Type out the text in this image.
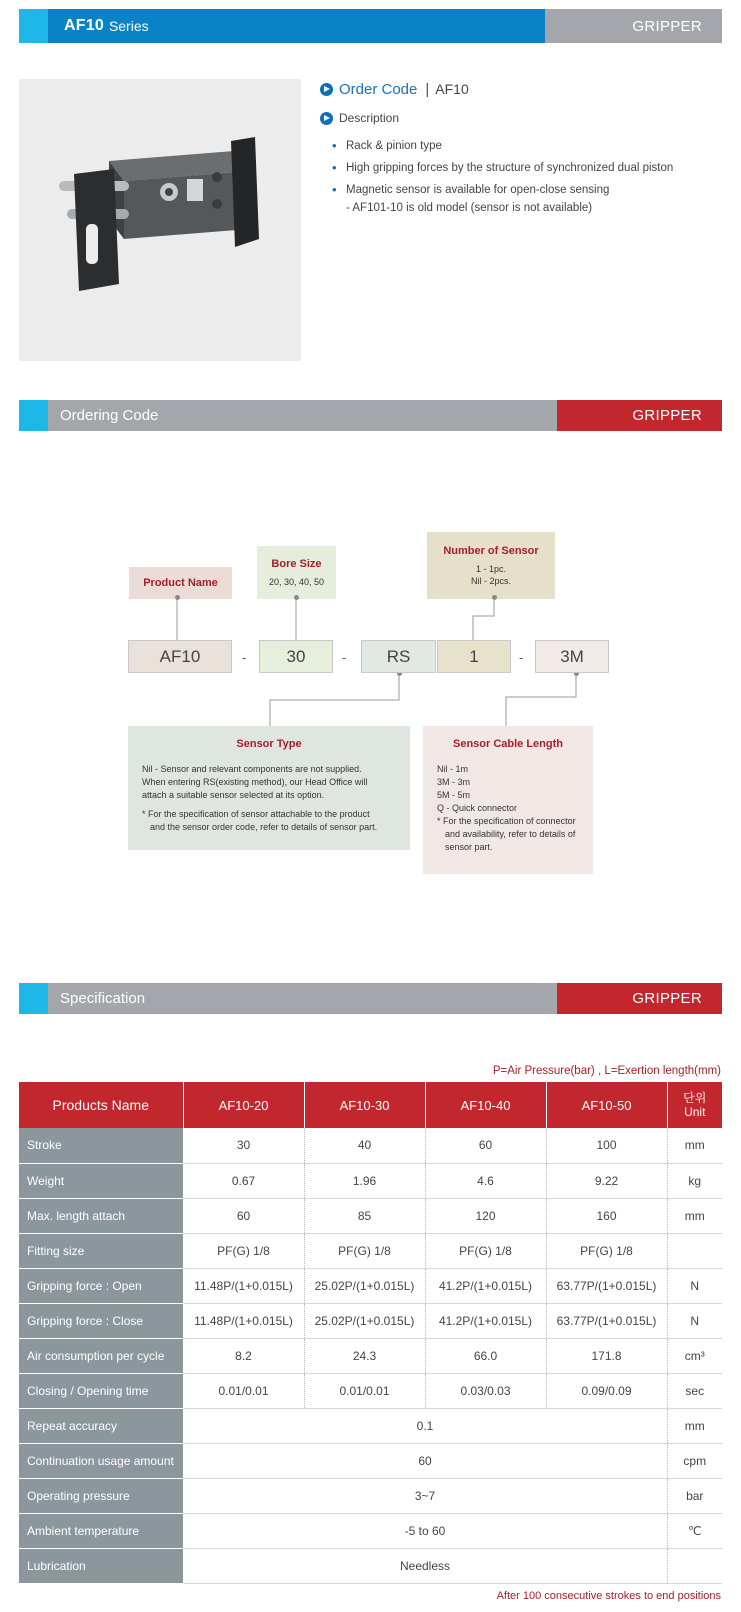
AF10 Series	GRIPPER
Order Code | AF10
Description
• Rack & pinion type
• High gripping forces by the structure of synchronized dual piston
• Magnetic sensor is available for open-close sensing
- AF101-10 is old model (sensor is not available)
Ordering Code	GRIPPER
Product Name
Bore Size
20, 30, 40, 50
Number of Sensor
1 - 1pc.
Nil - 2pcs.
AF10	-	30	-	RS	1	-	3M
Sensor Type

Nil - Sensor and relevant components are not supplied.

When entering RS(existing method), our Head Office will

attach a suitable sensor selected at its option.

* For the specification of sensor attachable to the product

and the sensor order code, refer to details of sensor part.

Sensor Cable Length

Nil - 1m

3M - 3m

5M - 5m

Q - Quick connector

* For the specification of connector

and availability, refer to details of

sensor part.

Specification	GRIPPER
P=Air Pressure(bar) , L=Exertion length(mm)
Products Name	AF10-20	AF10-30	AF10-40	AF10-50	단위
Unit
Stroke	30	40	60	100	mm
Weight	0.67	1.96	4.6	9.22	kg
Max. length attach	60	85	120	160	mm
Fitting size	PF(G) 1/8	PF(G) 1/8	PF(G) 1/8	PF(G) 1/8	
Gripping force : Open	11.48P/(1+0.015L)	25.02P/(1+0.015L)	41.2P/(1+0.015L)	63.77P/(1+0.015L)	N
Gripping force : Close	11.48P/(1+0.015L)	25.02P/(1+0.015L)	41.2P/(1+0.015L)	63.77P/(1+0.015L)	N
Air consumption per cycle	8.2	24.3	66.0	171.8	cm³
Closing / Opening time	0.01/0.01	0.01/0.01	0.03/0.03	0.09/0.09	sec
Repeat accuracy	0.1				mm
Continuation usage amount	60				cpm
Operating pressure	3~7				bar
Ambient temperature	-5 to 60				℃
Lubrication	Needless				
After 100 consecutive strokes to end positions
